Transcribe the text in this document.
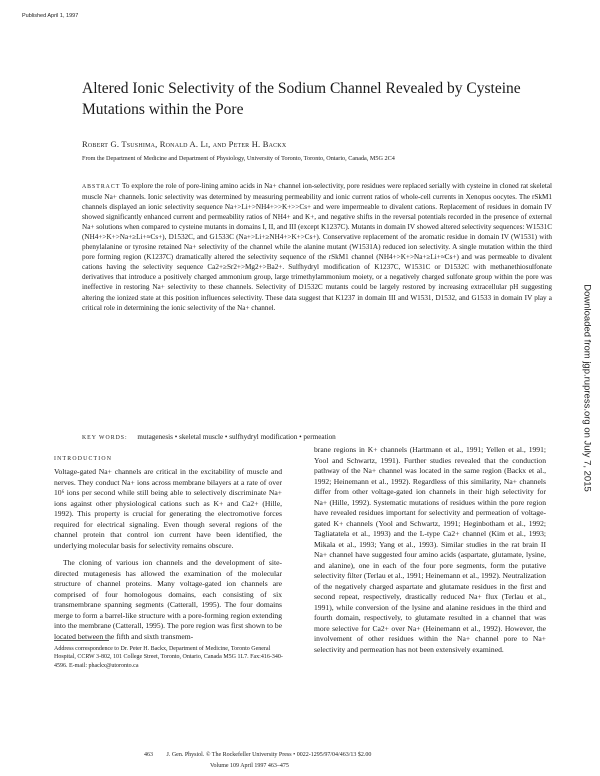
Published April 1, 1997
Altered Ionic Selectivity of the Sodium Channel Revealed by Cysteine Mutations within the Pore
Robert G. Tsushima, Ronald A. Li, and Peter H. Backx
From the Department of Medicine and Department of Physiology, University of Toronto, Toronto, Ontario, Canada, M5G 2C4
ABSTRACT To explore the role of pore-lining amino acids in Na+ channel ion-selectivity, pore residues were replaced serially with cysteine in cloned rat skeletal muscle Na+ channels. Ionic selectivity was determined by measuring permeability and ionic current ratios of whole-cell currents in Xenopus oocytes. The rSkM1 channels displayed an ionic selectivity sequence Na+>Li+>NH4+>>K+>>Cs+ and were impermeable to divalent cations. Replacement of residues in domain IV showed significantly enhanced current and permeability ratios of NH4+ and K+, and negative shifts in the reversal potentials recorded in the presence of external Na+ solutions when compared to cysteine mutants in domains I, II, and III (except K1237C). Mutants in domain IV showed altered selectivity sequences: W1531C (NH4+>K+>Na+≥Li+≈Cs+), D1532C, and G1533C (Na+>Li+≥NH4+>K+>Cs+). Conservative replacement of the aromatic residue in domain IV (W1531) with phenylalanine or tyrosine retained Na+ selectivity of the channel while the alanine mutant (W1531A) reduced ion selectivity. A single mutation within the third pore forming region (K1237C) dramatically altered the selectivity sequence of the rSkM1 channel (NH4+>K+>Na+≥Li+≈Cs+) and was permeable to divalent cations having the selectivity sequence Ca2+≥Sr2+>Mg2+>Ba2+. Sulfhydryl modification of K1237C, W1531C or D1532C with methanethiosulfonate derivatives that introduce a positively charged ammonium group, large trimethylammonium moiety, or a negatively charged sulfonate group within the pore was ineffective in restoring Na+ selectivity to these channels. Selectivity of D1532C mutants could be largely restored by increasing extracellular pH suggesting altering the ionized state at this position influences selectivity. These data suggest that K1237 in domain III and W1531, D1532, and G1533 in domain IV play a critical role in determining the ionic selectivity of the Na+ channel.
KEY WORDS: mutagenesis • skeletal muscle • sulfhydryl modification • permeation
INTRODUCTION

Voltage-gated Na+ channels are critical in the excitability of muscle and nerves. They conduct Na+ ions across membrane bilayers at a rate of over 10⁶ ions per second while still being able to selectively discriminate Na+ ions against other physiological cations such as K+ and Ca2+ (Hille, 1992). This property is crucial for generating the electromotive forces required for electrical signaling. Even though several regions of the channel protein that control ion current have been identified, the underlying molecular basis for selectivity remains obscure.

The cloning of various ion channels and the development of site-directed mutagenesis has allowed the examination of the molecular structure of channel proteins. Many voltage-gated ion channels are comprised of four homologous domains, each consisting of six transmembrane spanning segments (Catterall, 1995). The four domains merge to form a barrel-like structure with a pore-forming region extending into the membrane (Catterall, 1995). The pore region was first shown to be located between the fifth and sixth transmem-

brane regions in K+ channels (Hartmann et al., 1991; Yellen et al., 1991; Yool and Schwartz, 1991). Further studies revealed that the conduction pathway of the Na+ channel was located in the same region (Backx et al., 1992; Heinemann et al., 1992). Regardless of this similarity, Na+ channels differ from other voltage-gated ion channels in their high selectivity for Na+ (Hille, 1992). Systematic mutations of residues within the pore region have revealed residues important for selectivity and permeation of voltage-gated K+ channels (Yool and Schwartz, 1991; Heginbotham et al., 1992; Tagliatatela et al., 1993) and the L-type Ca2+ channel (Kim et al., 1993; Mikala et al., 1993; Yang et al., 1993). Similar studies in the rat brain II Na+ channel have suggested four amino acids (aspartate, glutamate, lysine, and alanine), one in each of the four pore segments, form the putative selectivity filter (Terlau et al., 1991; Heinemann et al., 1992). Neutralization of the negatively charged aspartate and glutamate residues in the first and second repeat, respectively, drastically reduced Na+ flux (Terlau et al., 1991), while conversion of the lysine and alanine residues in the third and fourth domain, respectively, to glutamate resulted in a channel that was more selective for Ca2+ over Na+ (Heinemann et al., 1992). However, the involvement of other residues within the Na+ channel pore to Na+ selectivity and permeation has not been extensively examined.

Address correspondence to Dr. Peter H. Backx, Department of Medicine, Toronto General Hospital, CCRW 3-802, 101 College Street, Toronto, Ontario, Canada M5G 1L7. Fax:416-340-4596. E-mail: phackx@utoronto.ca
463 J. Gen. Physiol. © The Rockefeller University Press • 0022-1295/97/04/463/13 $2.00
Volume 109 April 1997 463–475
Downloaded from jgp.rupress.org on July 7, 2015
